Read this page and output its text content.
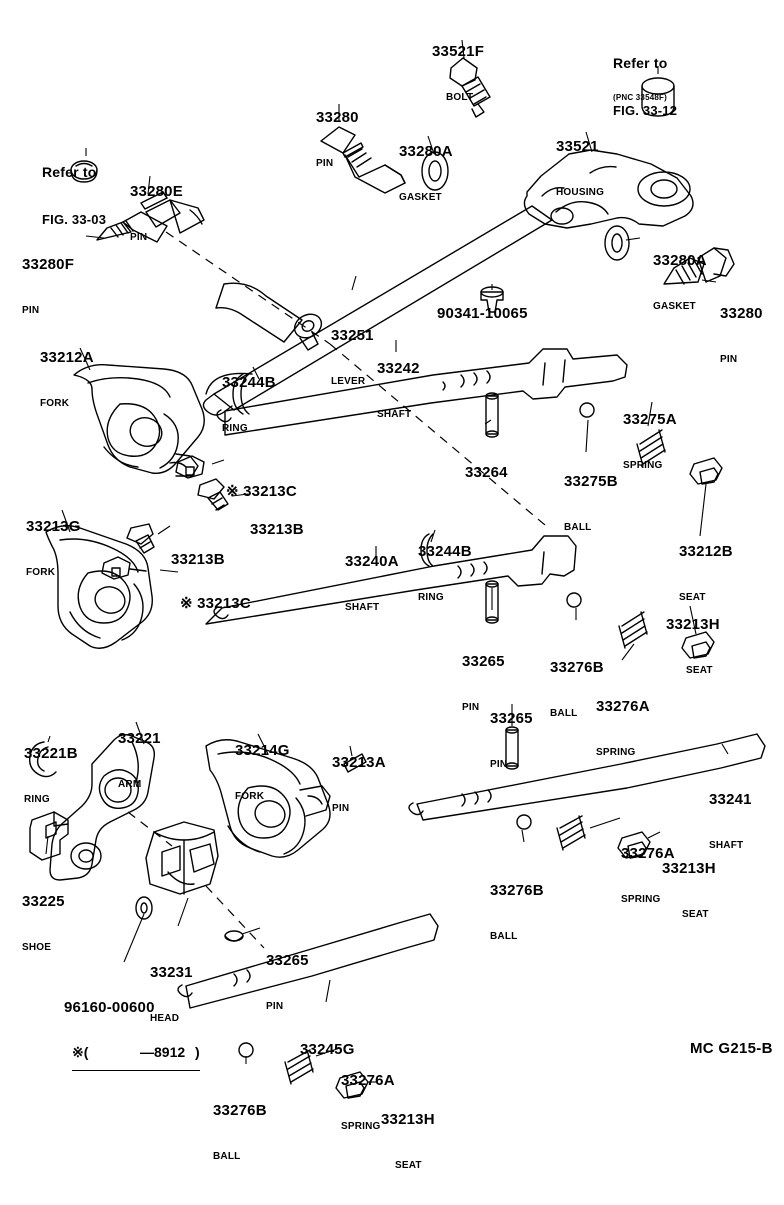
Refer to

FIG. 33-03

33280E

PIN

33280F

PIN

33280

PIN

33521F

BOLT

33280A

GASKET

Refer to

FIG. 33-12

(PNC 33548F)

33521

HOUSING

33280A

GASKET

	33280

PIN

33251

LEVER

90341-10065

33242

SHAFT

33244B

RING

33212A

FORK

33264

33275B

BALL

33275A

SPRING

33212B

SEAT

※ 33213C

33213B

33213G

FORK

33213B

※ 33213C

33244B

RING

33240A

SHAFT

33265

PIN

33276B

BALL

	33276A

SPRING

33213H

SEAT

33221

ARM

33221B

RING

33214G

FORK

33213A

PIN

33265

PIN

33241

SHAFT

33276A

SPRING

33276B

BALL

33213H

SEAT

33225

SHOE

33231

HEAD

96160-00600

33265

PIN

33245G

33276A

SPRING

33276B

BALL

33213H

SEAT

※(	—8912 )	MC G215-B
